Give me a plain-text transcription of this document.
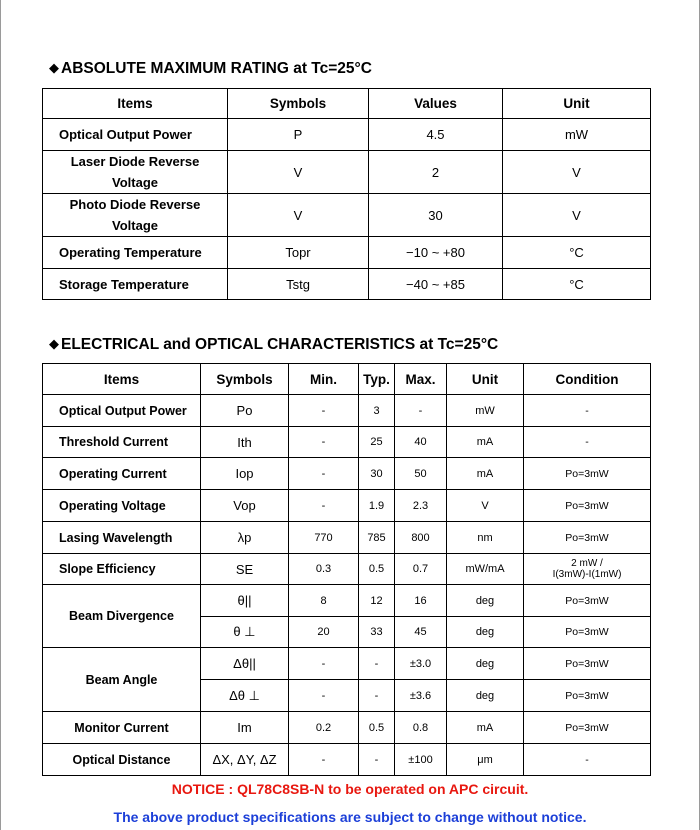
◆ ABSOLUTE MAXIMUM RATING at Tc=25°C
Items	Symbols	Values	Unit
Optical Output Power	P	4.5	mW
Laser Diode Reverse
Voltage	V	2	V
Photo Diode Reverse
Voltage	V	30	V
Operating Temperature	Topr	−10 ~ +80	°C
Storage Temperature	Tstg	−40 ~ +85	°C
◆ ELECTRICAL and OPTICAL CHARACTERISTICS at Tc=25°C
Items	Symbols	Min.	Typ.	Max.	Unit	Condition
Optical Output Power	Po	-	3	-	mW	-
Threshold Current	Ith	-	25	40	mA	-
Operating Current	Iop	-	30	50	mA	Po=3mW
Operating Voltage	Vop	-	1.9	2.3	V	Po=3mW
Lasing Wavelength	λp	770	785	800	nm	Po=3mW
Slope Efficiency	SE	0.3	0.5	0.7	mW/mA	2 mW /
I(3mW)-I(1mW)
Beam Divergence	θ||	8	12	16	deg	Po=3mW
	θ ⊥	20	33	45	deg	Po=3mW
Beam Angle	Δθ||	-	-	±3.0	deg	Po=3mW
	Δθ ⊥	-	-	±3.6	deg	Po=3mW
Monitor Current	Im	0.2	0.5	0.8	mA	Po=3mW
Optical Distance	ΔX, ΔY, ΔZ	-	-	±100	μm	-
NOTICE : QL78C8SB-N to be operated on APC circuit.
The above product specifications are subject to change without notice.
